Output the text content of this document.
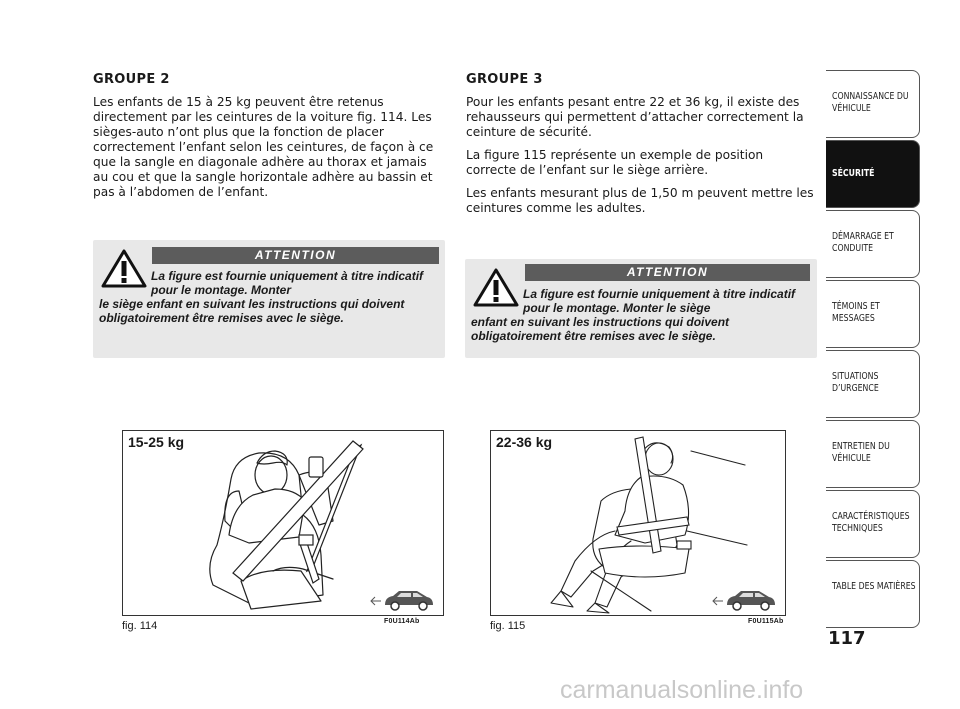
GROUPE 2

Les enfants de 15 à 25 kg peuvent être retenus directement par les ceintures de la voiture fig. 114. Les sièges-auto n’ont plus que la fonction de placer correctement l’enfant selon les ceintures, de façon à ce que la sangle en diagonale adhère au thorax et jamais au cou et que la sangle horizontale adhère au bassin et pas à l’abdomen de l’enfant.

GROUPE 3

Pour les enfants pesant entre 22 et 36 kg, il existe des rehausseurs qui permettent d’attacher correctement la ceinture de sécurité.

La figure 115 représente un exemple de position correcte de l’enfant sur le siège arrière.

Les enfants mesurant plus de 1,50 m peuvent mettre les ceintures comme les adultes.

ATTENTION
La figure est fournie uniquement à titre indicatif pour le montage. Monter
le siège enfant en suivant les instructions qui doivent obligatoirement être remises avec le siège.
ATTENTION
La figure est fournie uniquement à titre indicatif pour le montage. Monter le siège
enfant en suivant les instructions qui doivent obligatoirement être remises avec le siège.
15-25 kg
fig. 114	F0U114Ab
22-36 kg
fig. 115	F0U115Ab
CONNAISSANCE DU VÉHICULE
SÉCURITÉ
DÉMARRAGE ET CONDUITE
TÉMOINS ET MESSAGES
SITUATIONS D’URGENCE
ENTRETIEN DU VÉHICULE
CARACTÉRISTIQUES TECHNIQUES
TABLE DES MATIÈRES
117
carmanualsonline.info
